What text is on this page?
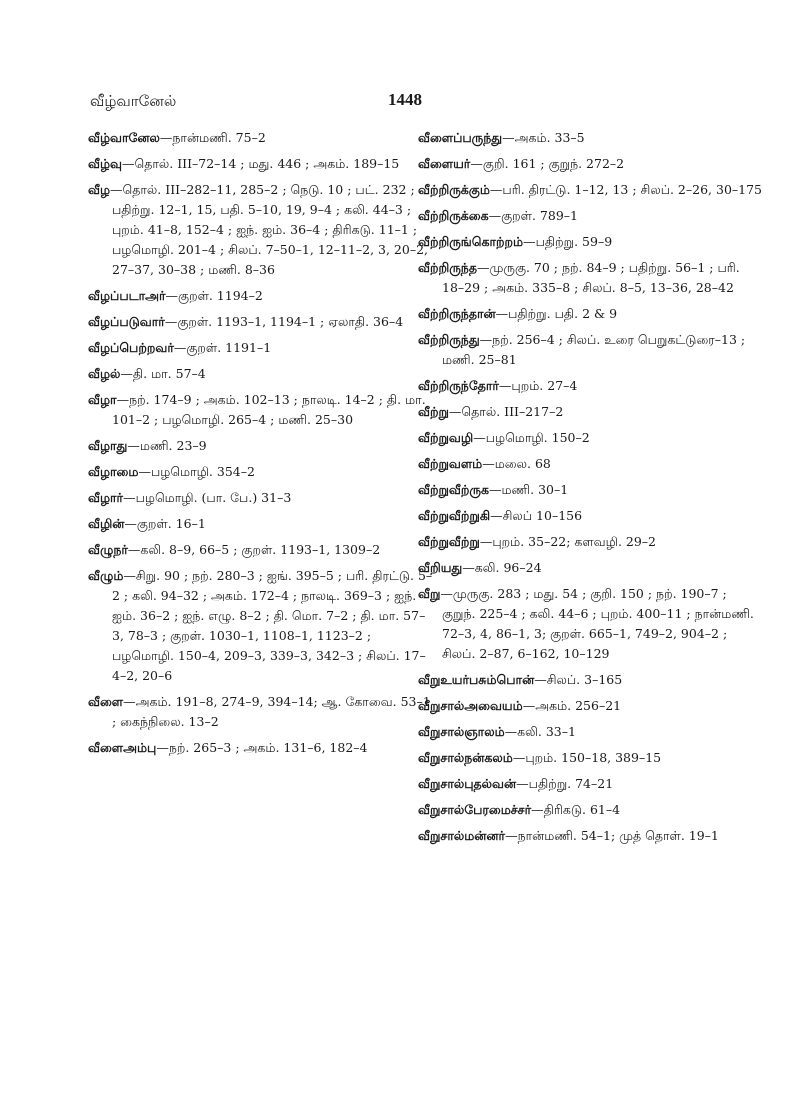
வீழ்வானேல்	1448
வீழ்வானேல—நான்மணி. 75–2
வீழ்வு—தொல். III–72–14 ; மது. 446 ; அகம். 189–15
வீழ—தொல். III–282–11, 285–2 ; நெடு. 10 ; பட். 232 ; பதிற்று. 12–1, 15, பதி. 5–10, 19, 9–4 ; கலி. 44–3 ; புறம். 41–8, 152–4 ; ஐந். ஐம். 36–4 ; திரிகடு. 11–1 ; பழமொழி. 201–4 ; சிலப். 7–50–1, 12–11–2, 3, 20–2, 27–37, 30–38 ; மணி. 8–36
வீழப்படாஅர்—குறள். 1194–2
வீழப்படுவார்—குறள். 1193–1, 1194–1 ; ஏலாதி. 36–4
வீழப்பெற்றவர்—குறள். 1191–1
வீழல்—தி. மா. 57–4
வீழா—நற். 174–9 ; அகம். 102–13 ; நாலடி. 14–2 ; தி. மா. 101–2 ; பழமொழி. 265–4 ; மணி. 25–30
வீழாது—மணி. 23–9
வீழாமை—பழமொழி. 354–2
வீழார்—பழமொழி. (பா. பே.) 31–3
வீழின்—குறள். 16–1
வீழுநர்—கலி. 8–9, 66–5 ; குறள். 1193–1, 1309–2
வீழும்—சிறு. 90 ; நற். 280–3 ; ஐங். 395–5 ; பரி. திரட்டு. 5–2 ; கலி. 94–32 ; அகம். 172–4 ; நாலடி. 369–3 ; ஐந். ஐம். 36–2 ; ஐந். எழு. 8–2 ; தி. மொ. 7–2 ; தி. மா. 57–3, 78–3 ; குறள். 1030–1, 1108–1, 1123–2 ; பழமொழி. 150–4, 209–3, 339–3, 342–3 ; சிலப். 17–4–2, 20–6
வீளை—அகம். 191–8, 274–9, 394–14; ஆ. கோவை. 53–1 ; கைந்நிலை. 13–2
வீளைஅம்பு—நற். 265–3 ; அகம். 131–6, 182–4
வீளைப்பருந்து—அகம். 33–5
வீளையர்—குறி. 161 ; குறுந். 272–2
வீற்றிருக்கும்—பரி. திரட்டு. 1–12, 13 ; சிலப். 2–26, 30–175
வீற்றிருக்கை—குறள். 789–1
வீற்றிருங்கொற்றம்—பதிற்று. 59–9
வீற்றிருந்த—முருகு. 70 ; நற். 84–9 ; பதிற்று. 56–1 ; பரி. 18–29 ; அகம். 335–8 ; சிலப். 8–5, 13–36, 28–42
வீற்றிருந்தான்—பதிற்று. பதி. 2 & 9
வீற்றிருந்து—நற். 256–4 ; சிலப். உரை பெறுகட்டுரை–13 ; மணி. 25–81
வீற்றிருந்தோர்—புறம். 27–4
வீற்று—தொல். III–217–2
வீற்றுவழி—பழமொழி. 150–2
வீற்றுவளம்—மலை. 68
வீற்றுவீற்ருக—மணி. 30–1
வீற்றுவீற்றுகி—சிலப் 10–156
வீற்றுவீற்று—புறம். 35–22; களவழி. 29–2
வீறியது—கலி. 96–24
வீறு—முருகு. 283 ; மது. 54 ; குறி. 150 ; நற். 190–7 ; குறுந். 225–4 ; கலி. 44–6 ; புறம். 400–11 ; நான்மணி. 72–3, 4, 86–1, 3; குறள். 665–1, 749–2, 904–2 ; சிலப். 2–87, 6–162, 10–129
வீறுஉயர்பசும்பொன்—சிலப். 3–165
வீறுசால்அவையம்—அகம். 256–21
வீறுசால்ஞாலம்—கலி. 33–1
வீறுசால்நன்கலம்—புறம். 150–18, 389–15
வீறுசால்புதல்வன்—பதிற்று. 74–21
வீறுசால்பேரமைச்சர்—திரிகடு. 61–4
வீறுசால்மன்னர்—நான்மணி. 54–1; முத் தொள். 19–1
